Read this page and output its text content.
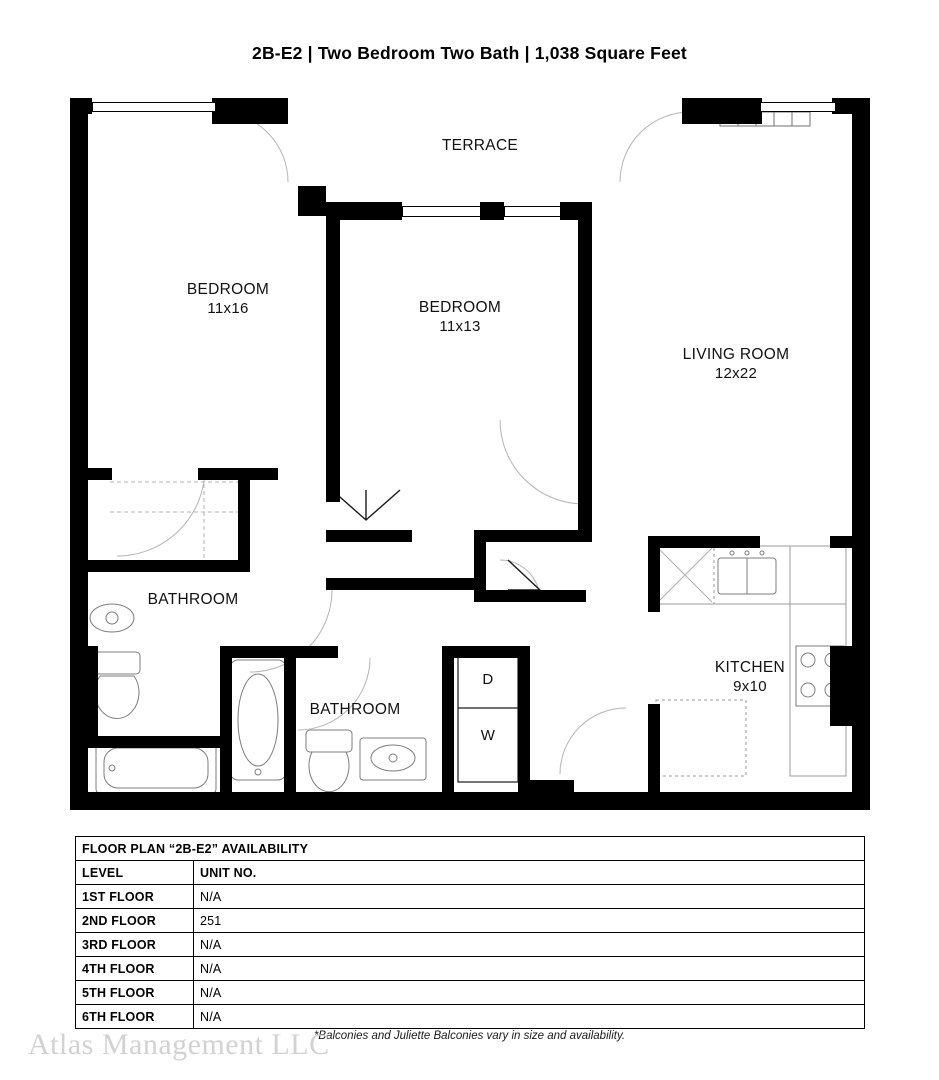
2B-E2 | Two Bedroom Two Bath | 1,038 Square Feet
TERRACE
BEDROOM
11x16	BEDROOM
11x13
LIVING ROOM
12x22
BATHROOM
BATHROOM
KITCHEN
9x10
D
W
FLOOR PLAN “2B-E2” AVAILABILITY	
LEVEL	UNIT NO.
1ST FLOOR	N/A
2ND FLOOR	251
3RD FLOOR	N/A
4TH FLOOR	N/A
5TH FLOOR	N/A
6TH FLOOR	N/A
*Balconies and Juliette Balconies vary in size and availability.
Atlas Management LLC
